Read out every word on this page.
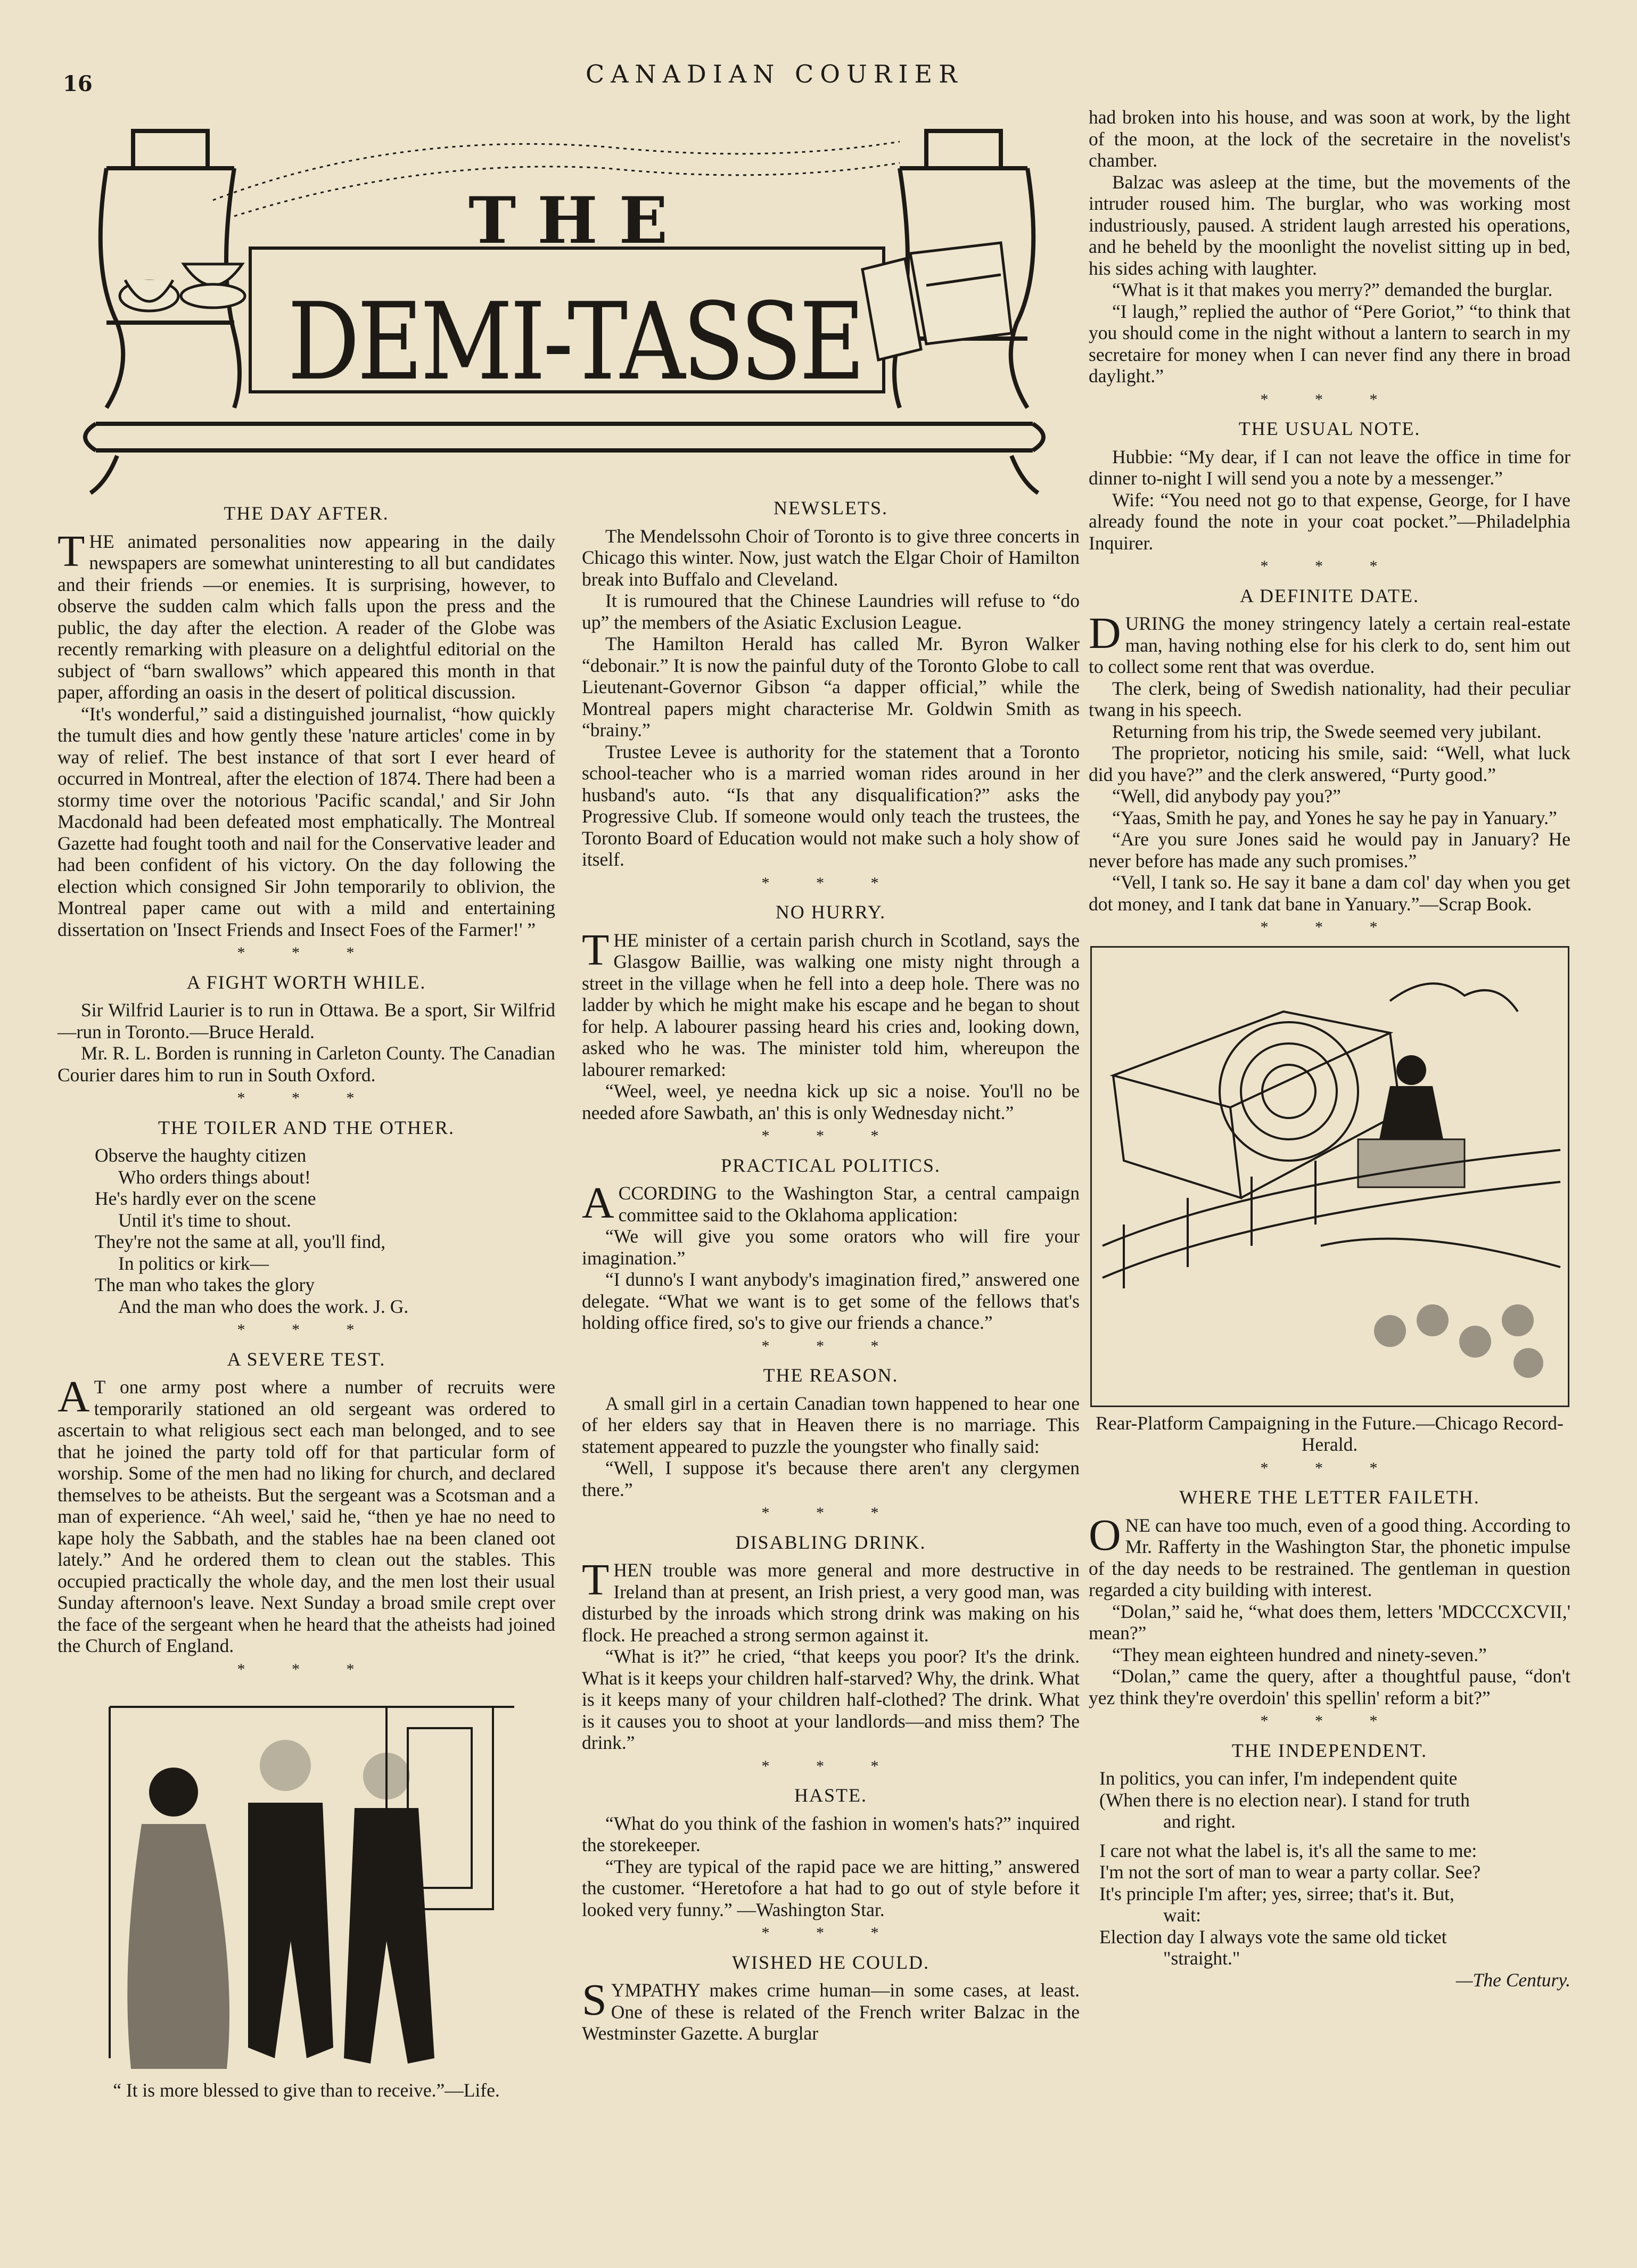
16	CANADIAN COURIER
THE
DEMI-TASSE
THE DAY AFTER.

THE animated personalities now appearing in the daily newspapers are somewhat uninteresting to all but candidates and their friends —or enemies. It is surprising, however, to observe the sudden calm which falls upon the press and the public, the day after the election. A reader of the Globe was recently remarking with pleasure on a delightful editorial on the subject of “barn swallows” which appeared this month in that paper, affording an oasis in the desert of political discussion.

“It's wonderful,” said a distinguished journalist, “how quickly the tumult dies and how gently these 'nature articles' come in by way of relief. The best instance of that sort I ever heard of occurred in Montreal, after the election of 1874. There had been a stormy time over the notorious 'Pacific scandal,' and Sir John Macdonald had been defeated most emphatically. The Montreal Gazette had fought tooth and nail for the Conservative leader and had been confident of his victory. On the day following the election which consigned Sir John temporarily to oblivion, the Montreal paper came out with a mild and entertaining dissertation on 'Insect Friends and Insect Foes of the Farmer!' ”

* * *
A FIGHT WORTH WHILE.

Sir Wilfrid Laurier is to run in Ottawa. Be a sport, Sir Wilfrid—run in Toronto.—Bruce Herald.

Mr. R. L. Borden is running in Carleton County. The Canadian Courier dares him to run in South Oxford.

* * *
THE TOILER AND THE OTHER.
Observe the haughty citizen
Who orders things about!
He's hardly ever on the scene
Until it's time to shout.
They're not the same at all, you'll find,
In politics or kirk—
The man who takes the glory
And the man who does the work. J. G.
* * *
A SEVERE TEST.

AT one army post where a number of recruits were temporarily stationed an old sergeant was ordered to ascertain to what religious sect each man belonged, and to see that he joined the party told off for that particular form of worship. Some of the men had no liking for church, and declared themselves to be atheists. But the sergeant was a Scotsman and a man of experience. “Ah weel,' said he, “then ye hae no need to kape holy the Sabbath, and the stables hae na been claned oot lately.” And he ordered them to clean out the stables. This occupied practically the whole day, and the men lost their usual Sunday afternoon's leave. Next Sunday a broad smile crept over the face of the sergeant when he heard that the atheists had joined the Church of England.

* * *
“ It is more blessed to give than to receive.”—Life.
NEWSLETS.

The Mendelssohn Choir of Toronto is to give three concerts in Chicago this winter. Now, just watch the Elgar Choir of Hamilton break into Buffalo and Cleveland.

It is rumoured that the Chinese Laundries will refuse to “do up” the members of the Asiatic Exclusion League.

The Hamilton Herald has called Mr. Byron Walker “debonair.” It is now the painful duty of the Toronto Globe to call Lieutenant-Governor Gibson “a dapper official,” while the Montreal papers might characterise Mr. Goldwin Smith as “brainy.”

Trustee Levee is authority for the statement that a Toronto school-teacher who is a married woman rides around in her husband's auto. “Is that any disqualification?” asks the Progressive Club. If someone would only teach the trustees, the Toronto Board of Education would not make such a holy show of itself.

* * *
NO HURRY.

THE minister of a certain parish church in Scotland, says the Glasgow Baillie, was walking one misty night through a street in the village when he fell into a deep hole. There was no ladder by which he might make his escape and he began to shout for help. A labourer passing heard his cries and, looking down, asked who he was. The minister told him, whereupon the labourer remarked:

“Weel, weel, ye needna kick up sic a noise. You'll no be needed afore Sawbath, an' this is only Wednesday nicht.”

* * *
PRACTICAL POLITICS.

ACCORDING to the Washington Star, a central campaign committee said to the Oklahoma application:

“We will give you some orators who will fire your imagination.”

“I dunno's I want anybody's imagination fired,” answered one delegate. “What we want is to get some of the fellows that's holding office fired, so's to give our friends a chance.”

* * *
THE REASON.

A small girl in a certain Canadian town happened to hear one of her elders say that in Heaven there is no marriage. This statement appeared to puzzle the youngster who finally said:

“Well, I suppose it's because there aren't any clergymen there.”

* * *
DISABLING DRINK.

THEN trouble was more general and more destructive in Ireland than at present, an Irish priest, a very good man, was disturbed by the inroads which strong drink was making on his flock. He preached a strong sermon against it.

“What is it?” he cried, “that keeps you poor? It's the drink. What is it keeps your children half-starved? Why, the drink. What is it keeps many of your children half-clothed? The drink. What is it causes you to shoot at your landlords—and miss them? The drink.”

* * *
HASTE.

“What do you think of the fashion in women's hats?” inquired the storekeeper.

“They are typical of the rapid pace we are hitting,” answered the customer. “Heretofore a hat had to go out of style before it looked very funny.” —Washington Star.

* * *
WISHED HE COULD.

SYMPATHY makes crime human—in some cases, at least. One of these is related of the French writer Balzac in the Westminster Gazette. A burglar

had broken into his house, and was soon at work, by the light of the moon, at the lock of the secretaire in the novelist's chamber.

Balzac was asleep at the time, but the movements of the intruder roused him. The burglar, who was working most industriously, paused. A strident laugh arrested his operations, and he beheld by the moonlight the novelist sitting up in bed, his sides aching with laughter.

“What is it that makes you merry?” demanded the burglar.

“I laugh,” replied the author of “Pere Goriot,” “to think that you should come in the night without a lantern to search in my secretaire for money when I can never find any there in broad daylight.”

* * *
THE USUAL NOTE.

Hubbie: “My dear, if I can not leave the office in time for dinner to-night I will send you a note by a messenger.”

Wife: “You need not go to that expense, George, for I have already found the note in your coat pocket.”—Philadelphia Inquirer.

* * *
A DEFINITE DATE.

DURING the money stringency lately a certain real-estate man, having nothing else for his clerk to do, sent him out to collect some rent that was overdue.

The clerk, being of Swedish nationality, had their peculiar twang in his speech.

Returning from his trip, the Swede seemed very jubilant.

The proprietor, noticing his smile, said: “Well, what luck did you have?” and the clerk answered, “Purty good.”

“Well, did anybody pay you?”

“Yaas, Smith he pay, and Yones he say he pay in Yanuary.”

“Are you sure Jones said he would pay in January? He never before has made any such promises.”

“Vell, I tank so. He say it bane a dam col' day when you get dot money, and I tank dat bane in Yanuary.”—Scrap Book.

* * *
Rear-Platform Campaigning in the Future.—Chicago Record-Herald.
* * *
WHERE THE LETTER FAILETH.

ONE can have too much, even of a good thing. According to Mr. Rafferty in the Washington Star, the phonetic impulse of the day needs to be restrained. The gentleman in question regarded a city building with interest.

“Dolan,” said he, “what does them, letters 'MDCCCXCVII,' mean?”

“They mean eighteen hundred and ninety-seven.”

“Dolan,” came the query, after a thoughtful pause, “don't yez think they're overdoin' this spellin' reform a bit?”

* * *
THE INDEPENDENT.
In politics, you can infer, I'm independent quite
(When there is no election near). I stand for truth
and right.
I care not what the label is, it's all the same to me:
I'm not the sort of man to wear a party collar. See?
It's principle I'm after; yes, sirree; that's it. But,
wait:
Election day I always vote the same old ticket
"straight."
—The Century.
